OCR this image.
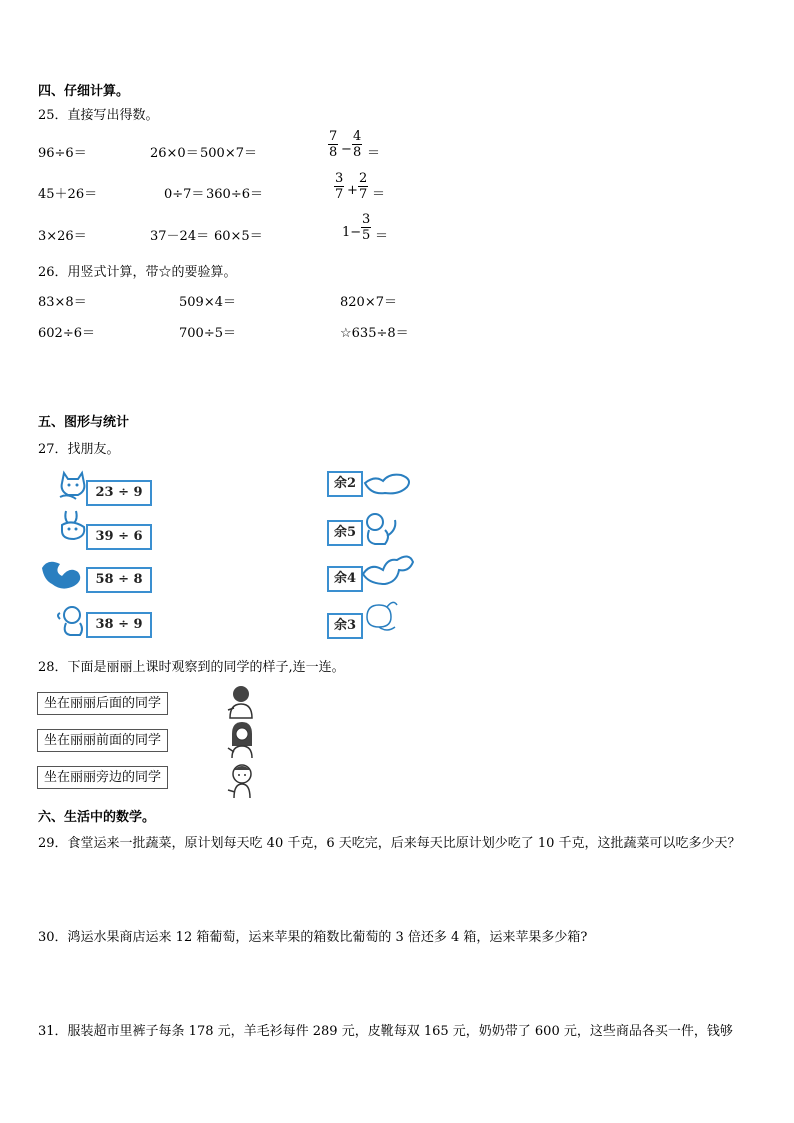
四、仔细计算。
25．直接写出得数。
96÷6＝	26×0＝ 500×7＝	$\frac{7}{8} - \frac{4}{8}$ ＝
45＋26＝	0÷7＝ 360÷6＝	$\frac{3}{7} + \frac{2}{7}$ ＝
3×26＝	37－24＝ 60×5＝	$1- \frac{3}{5}$ ＝
26．用竖式计算，带☆的要验算。
83×8＝	509×4＝	820×7＝
602÷6＝	700÷5＝	☆635÷8＝
五、图形与统计
27．找朋友。
23 ÷ 9
39 ÷ 6
58 ÷ 8
38 ÷ 9
余2
余5
余4
余3
28．下面是丽丽上课时观察到的同学的样子,连一连。
坐在丽丽后面的同学
坐在丽丽前面的同学
坐在丽丽旁边的同学
六、生活中的数学。
29．食堂运来一批蔬菜，原计划每天吃 40 千克，6 天吃完，后来每天比原计划少吃了 10 千克，这批蔬菜可以吃多少天？
30．鸿运水果商店运来 12 箱葡萄，运来苹果的箱数比葡萄的 3 倍还多 4 箱，运来苹果多少箱?
31．服装超市里裤子每条 178 元，羊毛衫每件 289 元，皮靴每双 165 元，奶奶带了 600 元，这些商品各买一件，钱够
